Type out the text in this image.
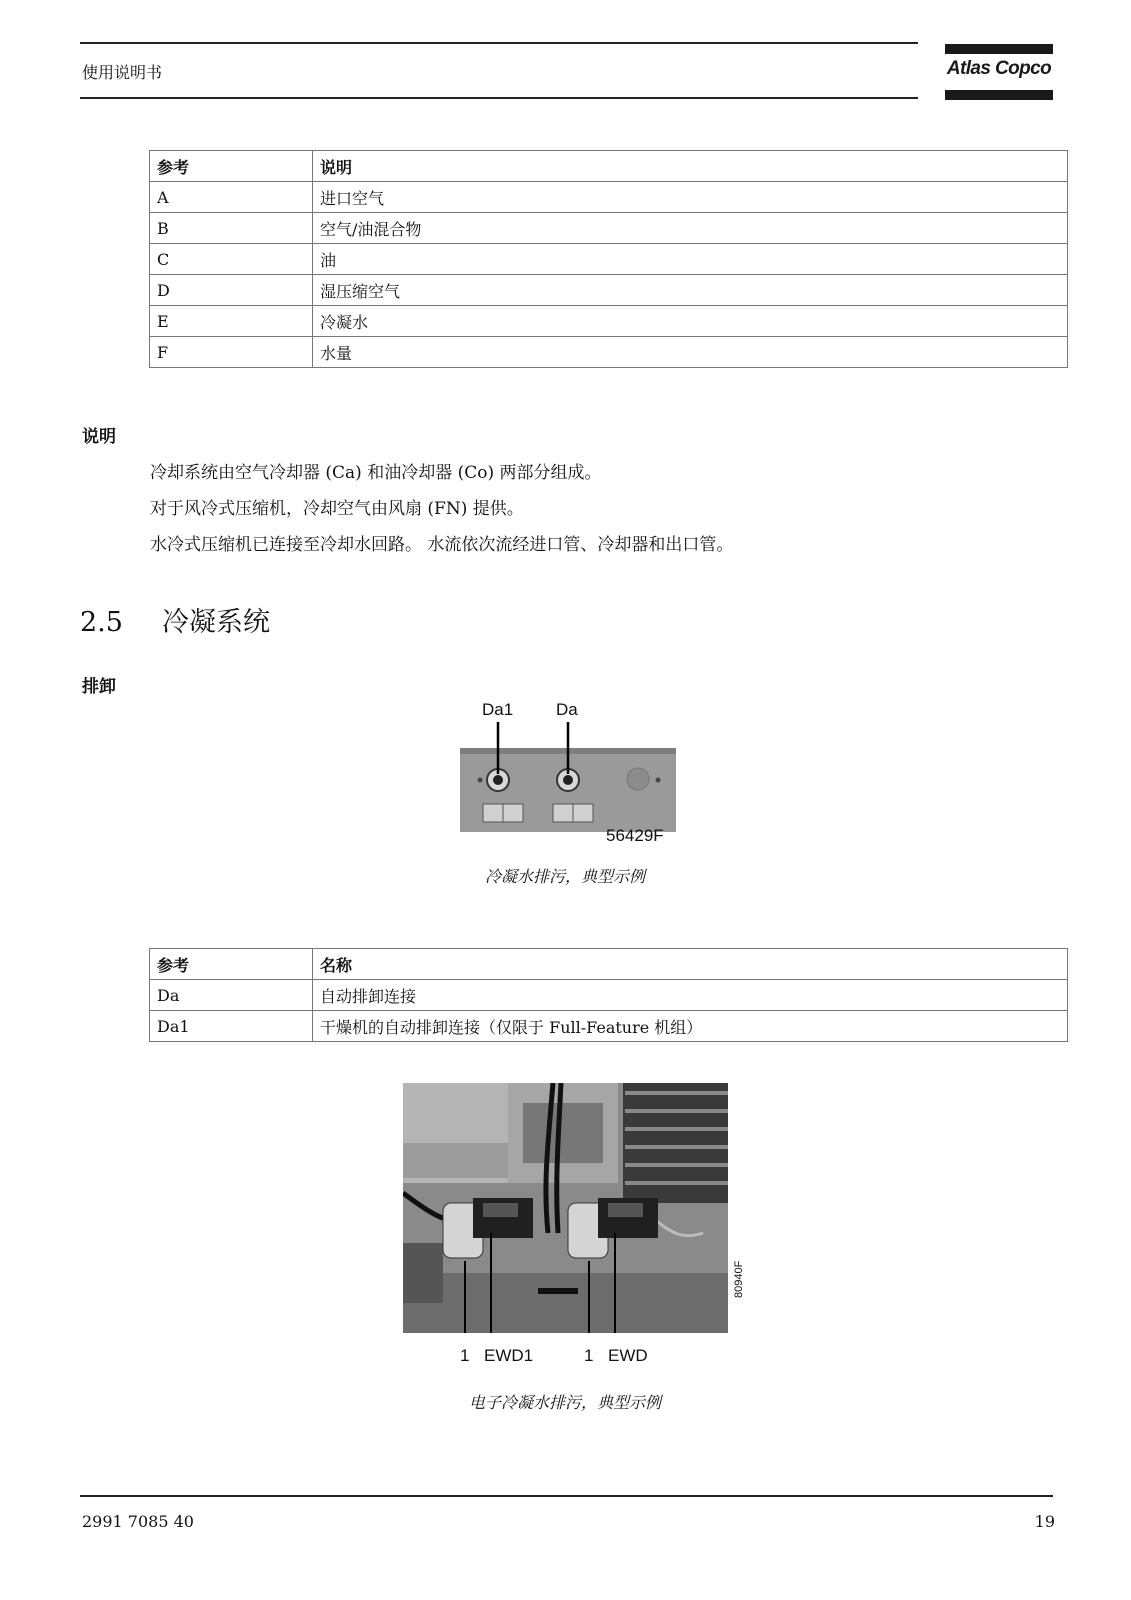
使用说明书	Atlas Copco
参考	说明
A	进口空气
B	空气/油混合物
C	油
D	湿压缩空气
E	冷凝水
F	水量
说明
冷却系统由空气冷却器 (Ca) 和油冷却器 (Co) 两部分组成。
对于风冷式压缩机，冷却空气由风扇 (FN) 提供。
水冷式压缩机已连接至冷却水回路。 水流依次流经进口管、冷却器和出口管。
2.5 冷凝系统
排卸
Da1	Da
56429F
冷凝水排污，典型示例
参考	名称
Da	自动排卸连接
Da1	干燥机的自动排卸连接（仅限于 Full-Feature 机组）
80940F
1 EWD1	1 EWD
电子冷凝水排污，典型示例
2991 7085 40	19
